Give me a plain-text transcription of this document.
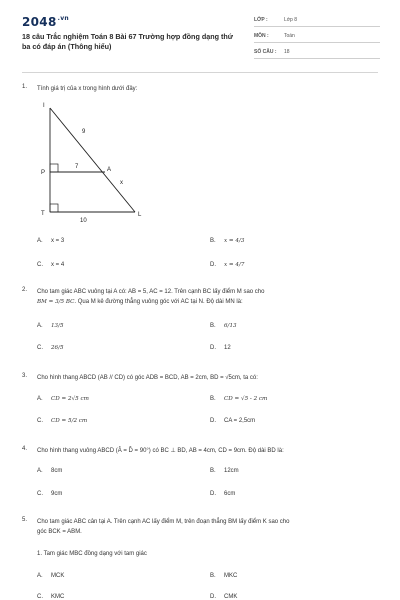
$2048^{.vn}$
18 câu Trắc nghiệm Toán 8 Bài 67 Trường hợp đồng dạng thứ ba có đáp án (Thông hiểu)
LỚP :	Lớp 8
MÔN :	Toán
SỐ CÂU : 18
1. Tính giá trị của x trong hình dưới đây:
I
P	A
T	L
9
7
x
10
A. x = 3	B. x = 4/3
C. x = 4	D. x = 4/7
2. Cho tam giác ABC vuông tại A có: AB = 5, AC = 12. Trên cạnh BC lấy điểm M sao cho
BM = 3/5 BC. Qua M kẻ đường thẳng vuông góc với AC tại N. Độ dài MN là:
A. 13/5	B. 6/13
C. 26/5	D. 12
3. Cho hình thang ABCD (AB // CD) có góc ADB = BCD, AB = 2cm, BD = √5cm, ta có:
A. CD = 2√5 cm	B. CD = √5 - 2 cm
C. CD = 5/2 cm	D. CA = 2,5cm
4. Cho hình thang vuông ABCD (Â = D̂ = 90°) có BC ⊥ BD, AB = 4cm, CD = 9cm. Độ dài BD là:
A. 8cm	B. 12cm
C. 9cm	D. 6cm
5. Cho tam giác ABC cân tại A. Trên cạnh AC lấy điểm M, trên đoạn thẳng BM lấy điểm K sao cho
góc BCK = ABM.
1. Tam giác MBC đồng dạng với tam giác
A. MCK	B. MKC
C. KMC	D. CMK
